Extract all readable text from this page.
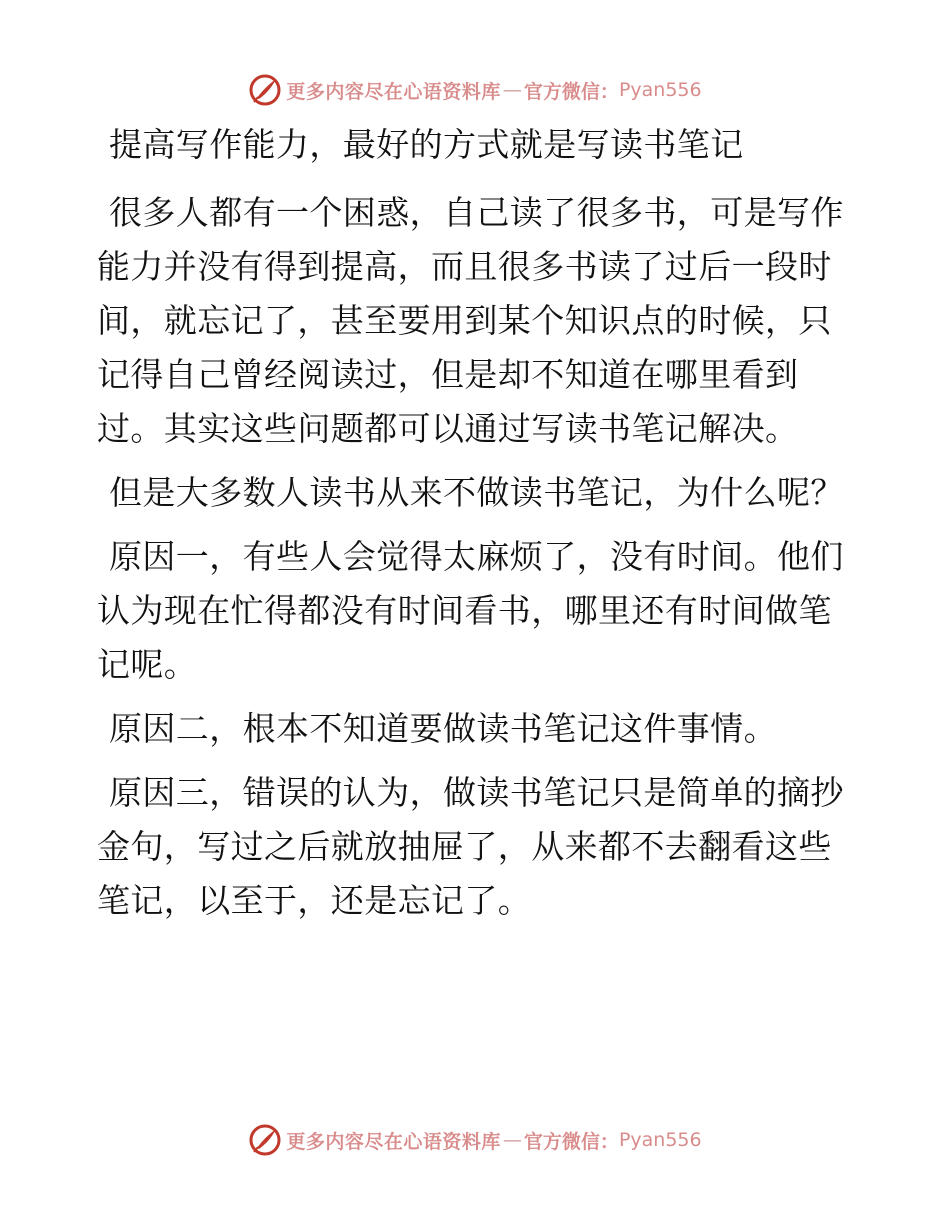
更多内容尽在心语资料库 — 官方微信： Pyan556

提高写作能力，最好的方式就是写读书笔记

很多人都有一个困惑，自己读了很多书，可是写作能力并没有得到提高，而且很多书读了过后一段时间，就忘记了，甚至要用到某个知识点的时候，只记得自己曾经阅读过，但是却不知道在哪里看到过。其实这些问题都可以通过写读书笔记解决。

但是大多数人读书从来不做读书笔记，为什么呢？

原因一，有些人会觉得太麻烦了，没有时间。他们认为现在忙得都没有时间看书，哪里还有时间做笔记呢。

原因二，根本不知道要做读书笔记这件事情。

原因三，错误的认为，做读书笔记只是简单的摘抄金句，写过之后就放抽屉了，从来都不去翻看这些笔记，以至于，还是忘记了。

更多内容尽在心语资料库 — 官方微信： Pyan556
